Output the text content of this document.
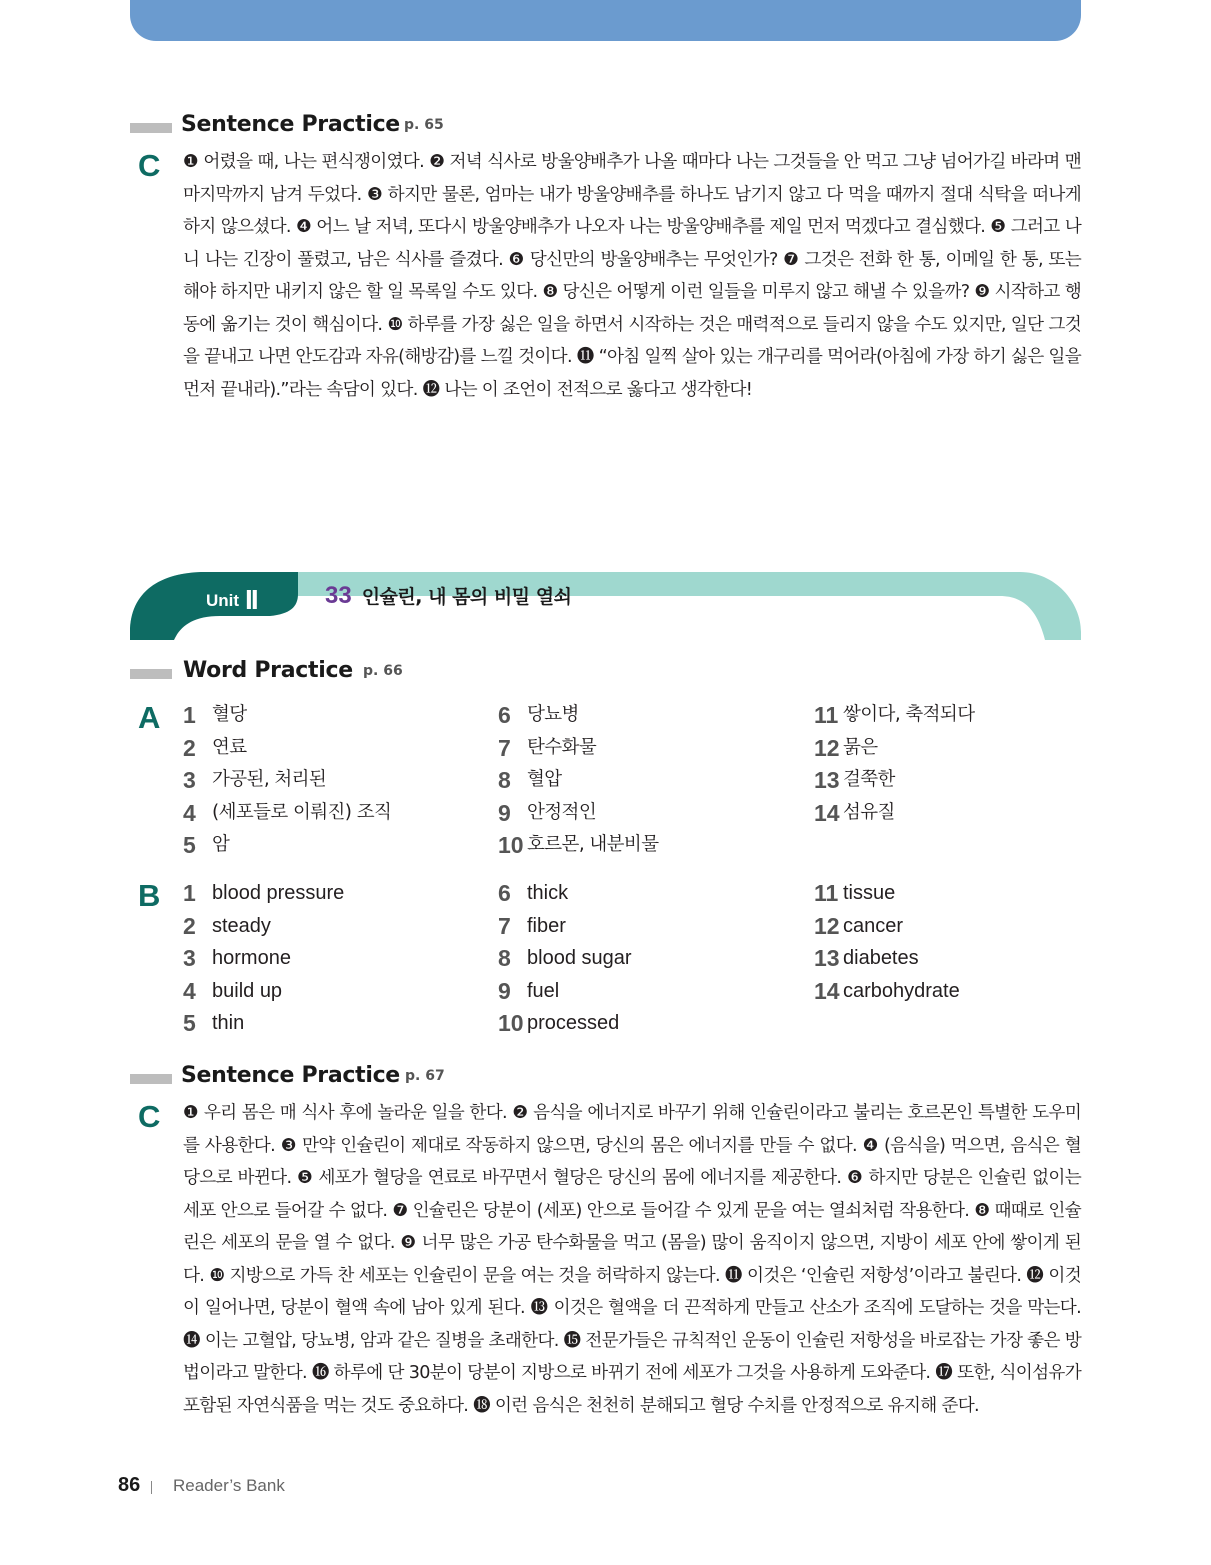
Sentence Practice p. 65
C ❶ 어렸을 때, 나는 편식쟁이였다. ❷ 저녁 식사로 방울양배추가 나올 때마다 나는 그것들을 안 먹고 그냥 넘어가길 바라며 맨 마지막까지 남겨 두었다. ❸ 하지만 물론, 엄마는 내가 방울양배추를 하나도 남기지 않고 다 먹을 때까지 절대 식탁을 떠나게 하지 않으셨다. ❹ 어느 날 저녁, 또다시 방울양배추가 나오자 나는 방울양배추를 제일 먼저 먹겠다고 결심했다. ❺ 그러고 나니 나는 긴장이 풀렸고, 남은 식사를 즐겼다. ❻ 당신만의 방울양배추는 무엇인가? ❼ 그것은 전화 한 통, 이메일 한 통, 또는 해야 하지만 내키지 않은 할 일 목록일 수도 있다. ❽ 당신은 어떻게 이런 일들을 미루지 않고 해낼 수 있을까? ❾ 시작하고 행동에 옮기는 것이 핵심이다. ❿ 하루를 가장 싫은 일을 하면서 시작하는 것은 매력적으로 들리지 않을 수도 있지만, 일단 그것을 끝내고 나면 안도감과 자유(해방감)를 느낄 것이다. ⓫ “아침 일찍 살아 있는 개구리를 먹어라(아침에 가장 하기 싫은 일을 먼저 끝내라).”라는 속담이 있다. ⓬ 나는 이 조언이 전적으로 옳다고 생각한다!

Unit II	33 인슐린, 내 몸의 비밀 열쇠
Word Practice p. 66
A 1 혈당
2 연료
3 가공된, 처리된
4 (세포들로 이뤄진) 조직
5 암
6 당뇨병
7 탄수화물
8 혈압
9 안정적인
10 호르몬, 내분비물
11 쌓이다, 축적되다
12 묽은
13 걸쭉한
14 섬유질
B 1 blood pressure
2 steady
3 hormone
4 build up
5 thin
6 thick
7 fiber
8 blood sugar
9 fuel
10 processed
11 tissue
12 cancer
13 diabetes
14 carbohydrate
Sentence Practice p. 67
C ❶ 우리 몸은 매 식사 후에 놀라운 일을 한다. ❷ 음식을 에너지로 바꾸기 위해 인슐린이라고 불리는 호르몬인 특별한 도우미를 사용한다. ❸ 만약 인슐린이 제대로 작동하지 않으면, 당신의 몸은 에너지를 만들 수 없다. ❹ (음식을) 먹으면, 음식은 혈당으로 바뀐다. ❺ 세포가 혈당을 연료로 바꾸면서 혈당은 당신의 몸에 에너지를 제공한다. ❻ 하지만 당분은 인슐린 없이는 세포 안으로 들어갈 수 없다. ❼ 인슐린은 당분이 (세포) 안으로 들어갈 수 있게 문을 여는 열쇠처럼 작용한다. ❽ 때때로 인슐린은 세포의 문을 열 수 없다. ❾ 너무 많은 가공 탄수화물을 먹고 (몸을) 많이 움직이지 않으면, 지방이 세포 안에 쌓이게 된다. ❿ 지방으로 가득 찬 세포는 인슐린이 문을 여는 것을 허락하지 않는다. ⓫ 이것은 ‘인슐린 저항성’이라고 불린다. ⓬ 이것이 일어나면, 당분이 혈액 속에 남아 있게 된다. ⓭ 이것은 혈액을 더 끈적하게 만들고 산소가 조직에 도달하는 것을 막는다. ⓮ 이는 고혈압, 당뇨병, 암과 같은 질병을 초래한다. ⓯ 전문가들은 규칙적인 운동이 인슐린 저항성을 바로잡는 가장 좋은 방법이라고 말한다. ⓰ 하루에 단 30분이 당분이 지방으로 바뀌기 전에 세포가 그것을 사용하게 도와준다. ⓱ 또한, 식이섬유가 포함된 자연식품을 먹는 것도 중요하다. ⓲ 이런 음식은 천천히 분해되고 혈당 수치를 안정적으로 유지해 준다.

86 Reader’s Bank
